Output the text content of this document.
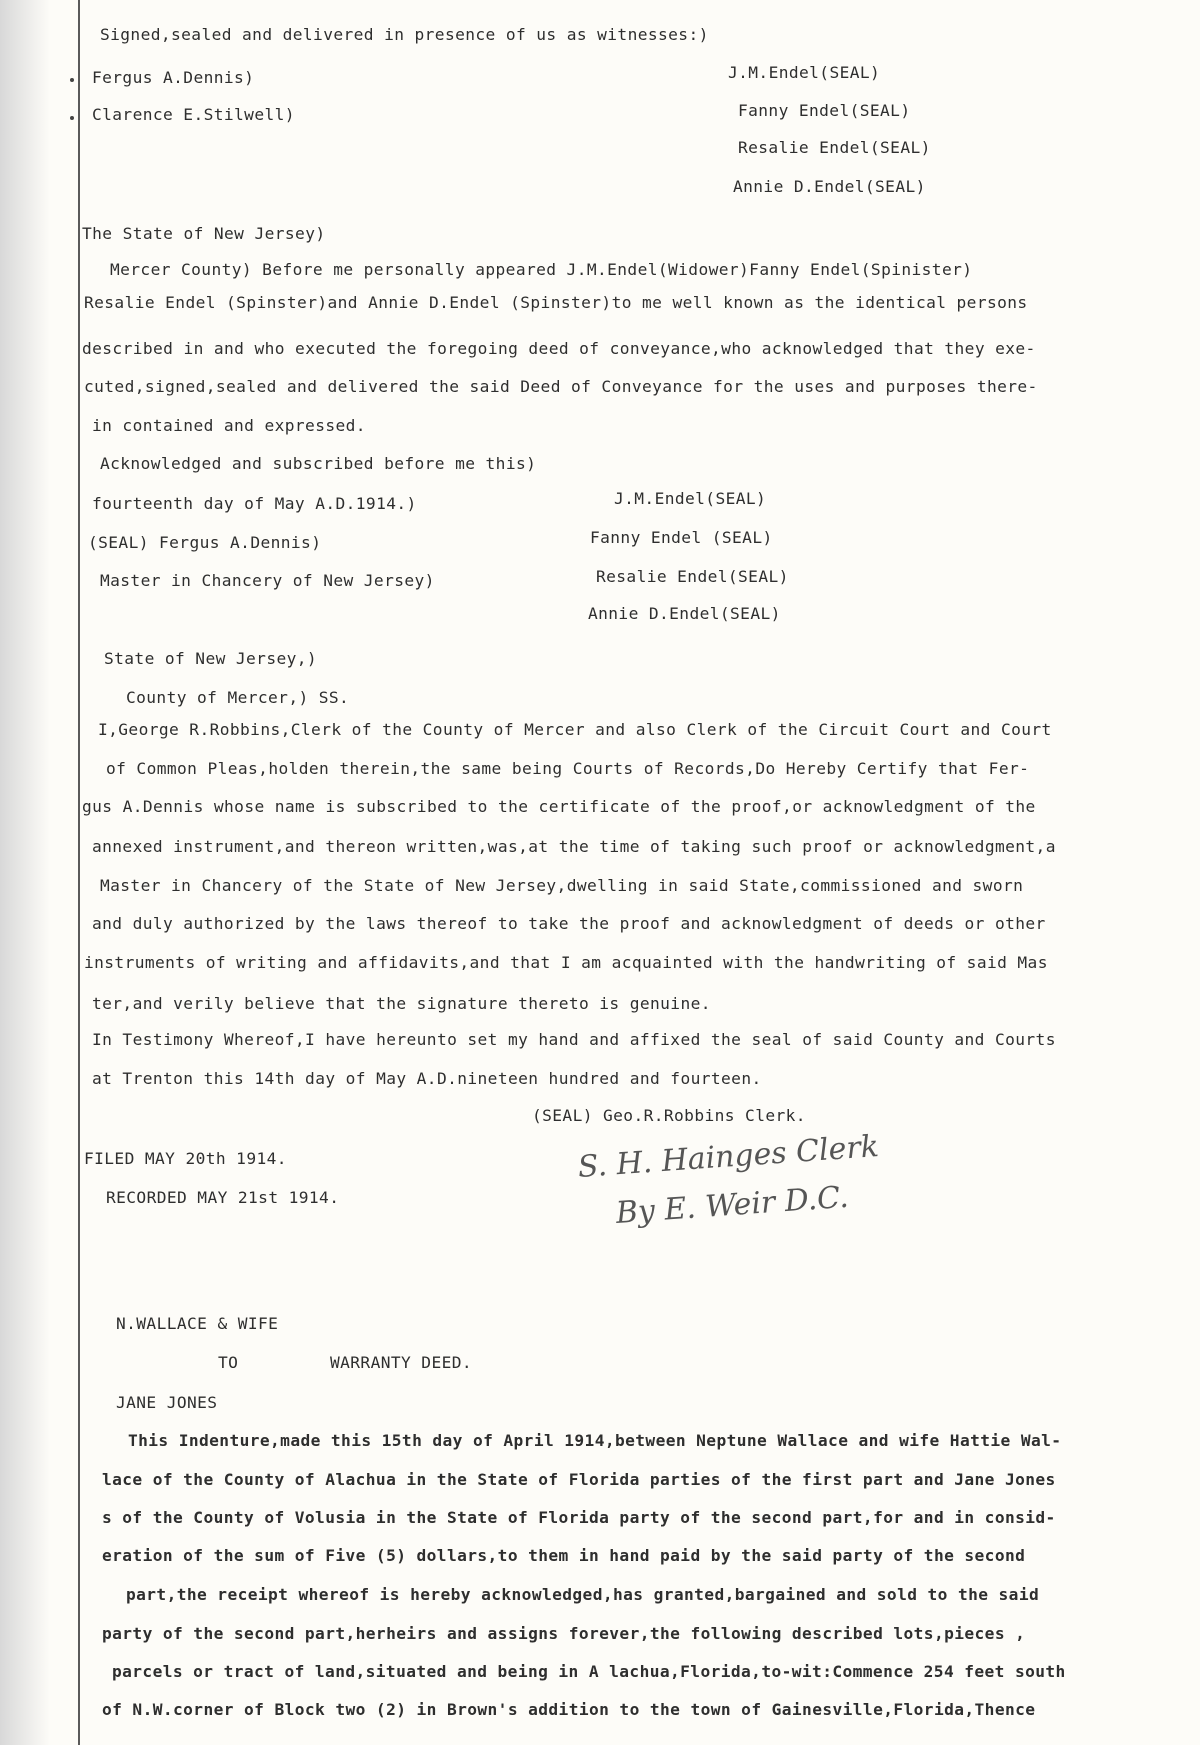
Signed,sealed and delivered in presence of us as witnesses:)
Fergus A.Dennis)
Clarence E.Stilwell)
J.M.Endel(SEAL)
Fanny Endel(SEAL)
Resalie Endel(SEAL)
Annie D.Endel(SEAL)
The State of New Jersey)
Mercer County) Before me personally appeared J.M.Endel(Widower)Fanny Endel(Spinister)
Resalie Endel (Spinster)and Annie D.Endel (Spinster)to me well known as the identical persons
described in and who executed the foregoing deed of conveyance,who acknowledged that they exe-
cuted,signed,sealed and delivered the said Deed of Conveyance for the uses and purposes there-
in contained and expressed.
Acknowledged and subscribed before me this)
fourteenth day of May A.D.1914.)
(SEAL) Fergus A.Dennis)
Master in Chancery of New Jersey)
J.M.Endel(SEAL)
Fanny Endel (SEAL)
Resalie Endel(SEAL)
Annie D.Endel(SEAL)
State of New Jersey,)
County of Mercer,) SS.
I,George R.Robbins,Clerk of the County of Mercer and also Clerk of the Circuit Court and Court
of Common Pleas,holden therein,the same being Courts of Records,Do Hereby Certify that Fer-
gus A.Dennis whose name is subscribed to the certificate of the proof,or acknowledgment of the
annexed instrument,and thereon written,was,at the time of taking such proof or acknowledgment,a
Master in Chancery of the State of New Jersey,dwelling in said State,commissioned and sworn
and duly authorized by the laws thereof to take the proof and acknowledgment of deeds or other
instruments of writing and affidavits,and that I am acquainted with the handwriting of said Mas
ter,and verily believe that the signature thereto is genuine.
In Testimony Whereof,I have hereunto set my hand and affixed the seal of said County and Courts
at Trenton this 14th day of May A.D.nineteen hundred and fourteen.
(SEAL) Geo.R.Robbins Clerk.
FILED MAY 20th 1914.
RECORDED MAY 21st 1914.
S. H. Hainges Clerk
By E. Weir D.C.
N.WALLACE & WIFE
TO	WARRANTY DEED.
JANE JONES
This Indenture,made this 15th day of April 1914,between Neptune Wallace and wife Hattie Wal-
lace of the County of Alachua in the State of Florida parties of the first part and Jane Jones
s of the County of Volusia in the State of Florida party of the second part,for and in consid-
eration of the sum of Five (5) dollars,to them in hand paid by the said party of the second
part,the receipt whereof is hereby acknowledged,has granted,bargained and sold to the said
party of the second part,herheirs and assigns forever,the following described lots,pieces ,
parcels or tract of land,situated and being in A lachua,Florida,to-wit:Commence 254 feet south
of N.W.corner of Block two (2) in Brown's addition to the town of Gainesville,Florida,Thence
